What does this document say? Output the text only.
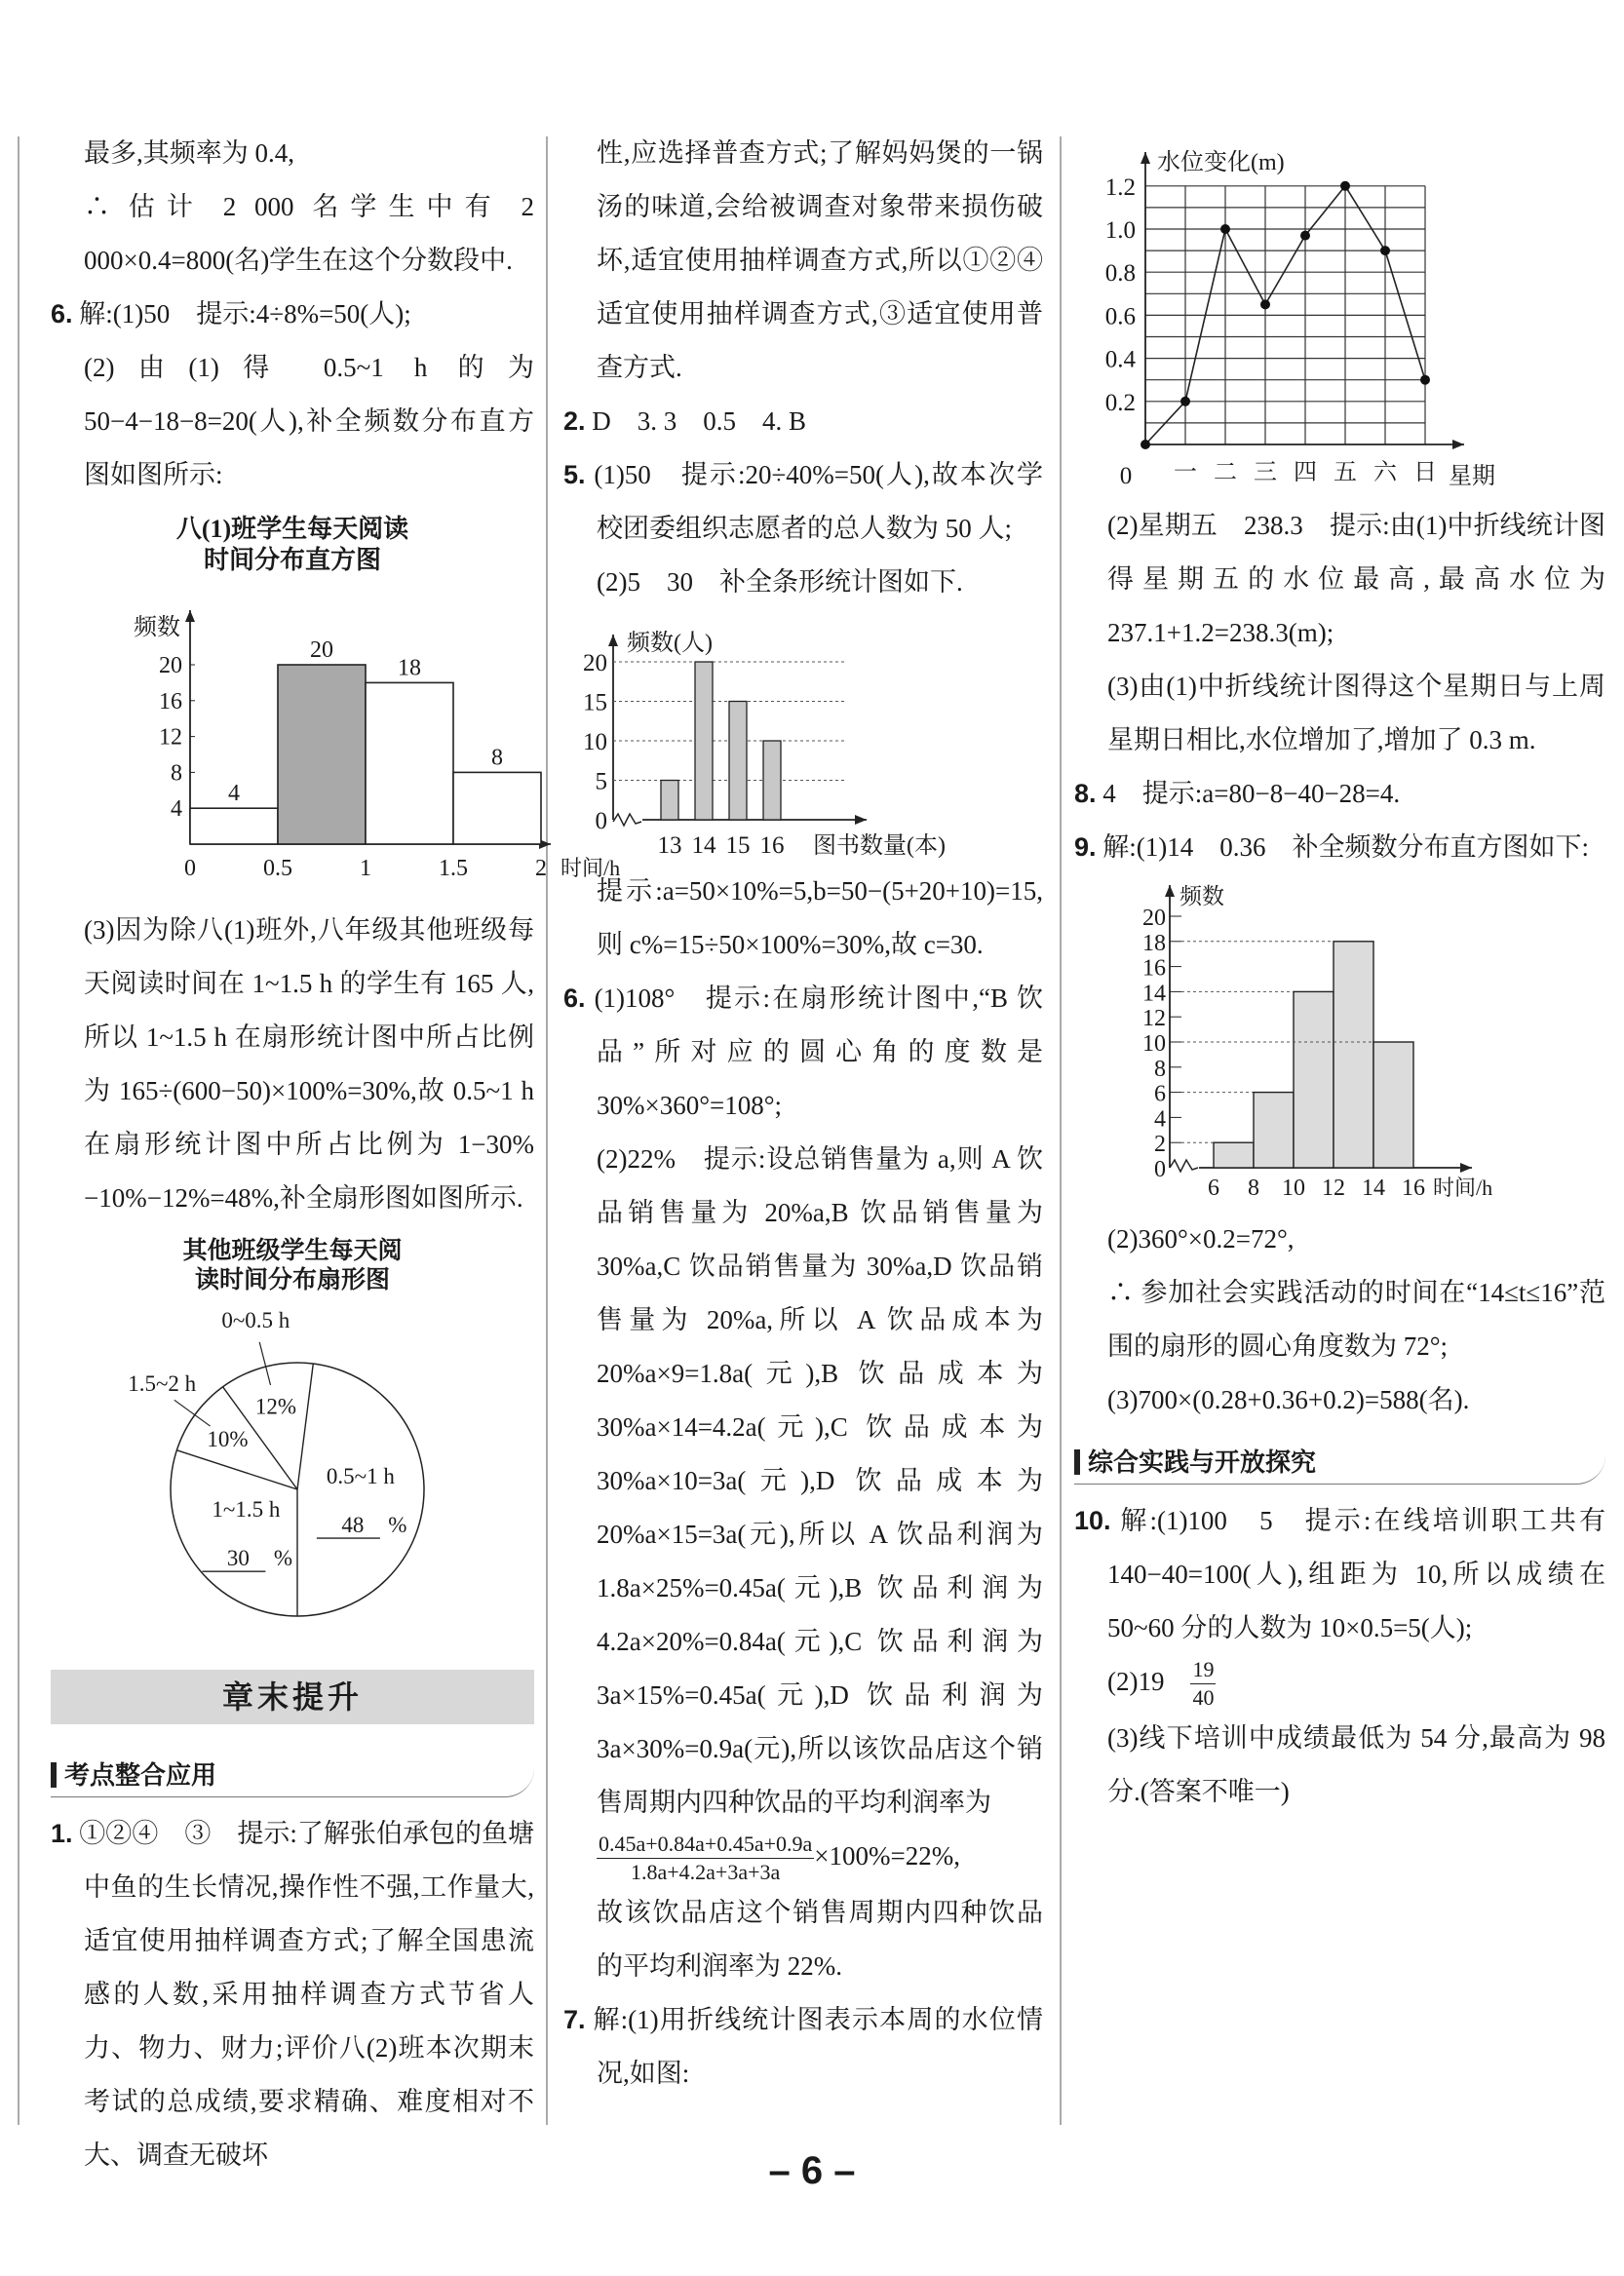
最多,其频率为 0.4,

∴ 估计 2 000 名学生中有 2 000×0.4=800(名)学生在这个分数段中.

6. 解:(1)50　提示:4÷8%=50(人);

(2)由(1)得 0.5~1 h 的为 50−4−18−8=20(人),补全频数分布直方图如图所示:

八(1)班学生每天阅读
时间分布直方图
频数
4
8
12
16
20
0	0.5	1	1.5	2 时间/h
4
20
18
8

(3)因为除八(1)班外,八年级其他班级每天阅读时间在 1~1.5 h 的学生有 165 人,所以 1~1.5 h 在扇形统计图中所占比例为 165÷(600−50)×100%=30%,故 0.5~1 h 在扇形统计图中所占比例为 1−30%−10%−12%=48%,补全扇形图如图所示.

其他班级学生每天阅
读时间分布扇形图
0.5~1 h
48 %
12%
0~0.5 h
10%
1.5~2 h
1~1.5 h
30 %
章末提升
考点整合应用

1. ①②④　③　提示:了解张伯承包的鱼塘中鱼的生长情况,操作性不强,工作量大,适宜使用抽样调查方式;了解全国患流感的人数,采用抽样调查方式节省人力、物力、财力;评价八(2)班本次期末考试的总成绩,要求精确、难度相对不大、调查无破坏

性,应选择普查方式;了解妈妈煲的一锅汤的味道,会给被调查对象带来损伤破坏,适宜使用抽样调查方式,所以①②④适宜使用抽样调查方式,③适宜使用普查方式.

2. D　3. 3　0.5　4. B

5. (1)50　提示:20÷40%=50(人),故本次学校团委组织志愿者的总人数为 50 人;

(2)5　30　补全条形统计图如下.

频数(人)
0
5
10
15
20
13 14 15 16 图书数量(本)

提示:a=50×10%=5,b=50−(5+20+10)=15,则 c%=15÷50×100%=30%,故 c=30.

6. (1)108°　提示:在扇形统计图中,“B 饮品”所对应的圆心角的度数是 30%×360°=108°;

(2)22%　提示:设总销售量为 a,则 A 饮品销售量为 20%a,B 饮品销售量为 30%a,C 饮品销售量为 30%a,D 饮品销售量为 20%a,所以 A 饮品成本为 20%a×9=1.8a(元),B 饮品成本为 30%a×14=4.2a(元),C 饮品成本为 30%a×10=3a(元),D 饮品成本为 20%a×15=3a(元),所以 A 饮品利润为 1.8a×25%=0.45a(元),B 饮品利润为 4.2a×20%=0.84a(元),C 饮品利润为 3a×15%=0.45a(元),D 饮品利润为 3a×30%=0.9a(元),所以该饮品店这个销售周期内四种饮品的平均利润率为

$\frac{0.45a+0.84a+0.45a+0.9a}{1.8a+4.2a+3a+3a} \times 100\%=22\%$,

故该饮品店这个销售周期内四种饮品的平均利润率为 22%.

7. 解:(1)用折线统计图表示本周的水位情况,如图:

水位变化(m)
0.2
0.4
0.6
0.8
1.0
1.2
0 一 二 三 四 五 六 日 星期

(2)星期五　238.3　提示:由(1)中折线统计图得星期五的水位最高,最高水位为 237.1+1.2=238.3(m);

(3)由(1)中折线统计图得这个星期日与上周星期日相比,水位增加了,增加了 0.3 m.

8. 4　提示:a=80−8−40−28=4.

9. 解:(1)14　0.36　补全频数分布直方图如下:

频数
0
2
4
6
8
10
12
14
16
18
20
6 8 10 12 14 16 时间/h

(2)360°×0.2=72°,

∴ 参加社会实践活动的时间在“14≤t≤16”范围的扇形的圆心角度数为 72°;

(3)700×(0.28+0.36+0.2)=588(名).

综合实践与开放探究

10. 解:(1)100　5　提示:在线培训职工共有 140−40=100(人),组距为 10,所以成绩在 50~60 分的人数为 10×0.5=5(人);

(2)19　 $\frac{19}{40}$

(3)线下培训中成绩最低为 54 分,最高为 98 分.(答案不唯一)

– 6 –
